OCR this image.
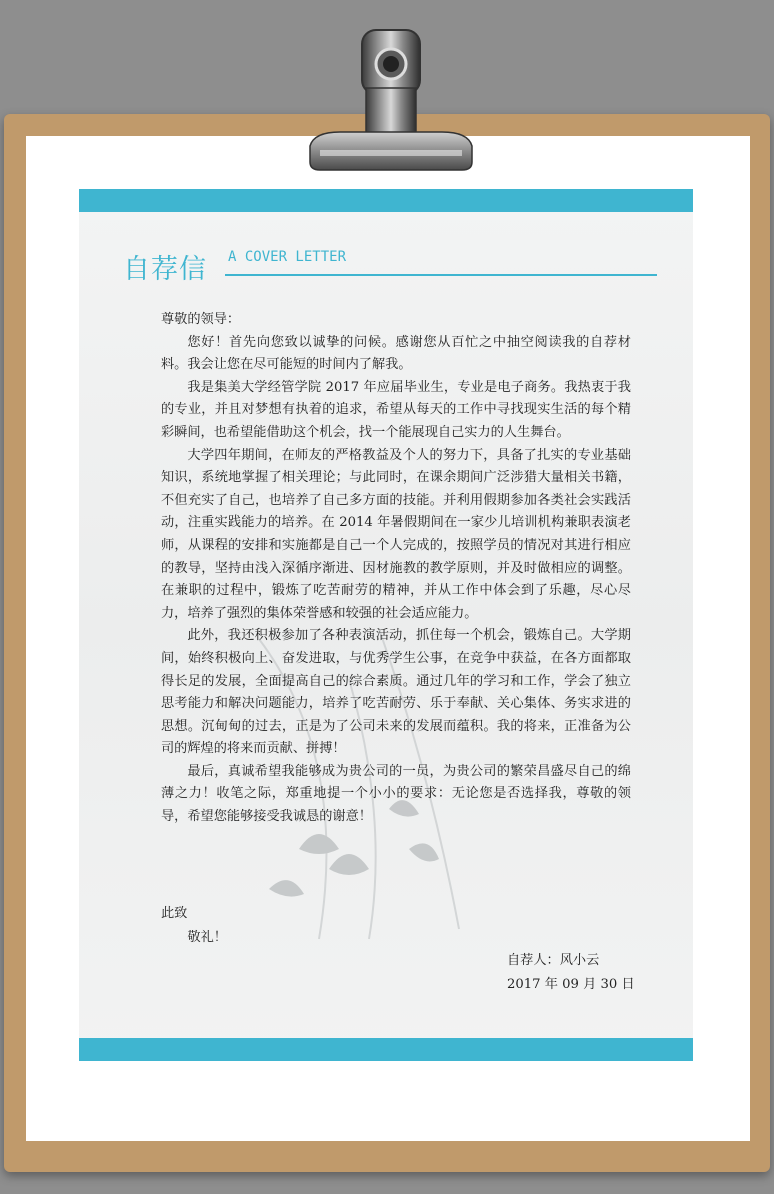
自荐信 A COVER LETTER

尊敬的领导：

您好！首先向您致以诚挚的问候。感谢您从百忙之中抽空阅读我的自荐材料。我会让您在尽可能短的时间内了解我。

我是集美大学经管学院 2017 年应届毕业生，专业是电子商务。我热衷于我的专业，并且对梦想有执着的追求，希望从每天的工作中寻找现实生活的每个精彩瞬间，也希望能借助这个机会，找一个能展现自己实力的人生舞台。

大学四年期间，在师友的严格教益及个人的努力下，具备了扎实的专业基础知识，系统地掌握了相关理论；与此同时，在课余期间广泛涉猎大量相关书籍，不但充实了自己，也培养了自己多方面的技能。并利用假期参加各类社会实践活动，注重实践能力的培养。在 2014 年暑假期间在一家少儿培训机构兼职表演老师，从课程的安排和实施都是自己一个人完成的，按照学员的情况对其进行相应的教导，坚持由浅入深循序渐进、因材施教的教学原则，并及时做相应的调整。在兼职的过程中，锻炼了吃苦耐劳的精神，并从工作中体会到了乐趣，尽心尽力，培养了强烈的集体荣誉感和较强的社会适应能力。

此外，我还积极参加了各种表演活动，抓住每一个机会，锻炼自己。大学期间，始终积极向上、奋发进取，与优秀学生公事，在竞争中获益，在各方面都取得长足的发展，全面提高自己的综合素质。通过几年的学习和工作，学会了独立思考能力和解决问题能力，培养了吃苦耐劳、乐于奉献、关心集体、务实求进的思想。沉甸甸的过去，正是为了公司未来的发展而蕴积。我的将来，正准备为公司的辉煌的将来而贡献、拼搏！

最后，真诚希望我能够成为贵公司的一员，为贵公司的繁荣昌盛尽自己的绵薄之力！收笔之际，郑重地提一个小小的要求：无论您是否选择我，尊敬的领导，希望您能够接受我诚恳的谢意！

此致
敬礼！
自荐人：风小云
2017 年 09 月 30 日
